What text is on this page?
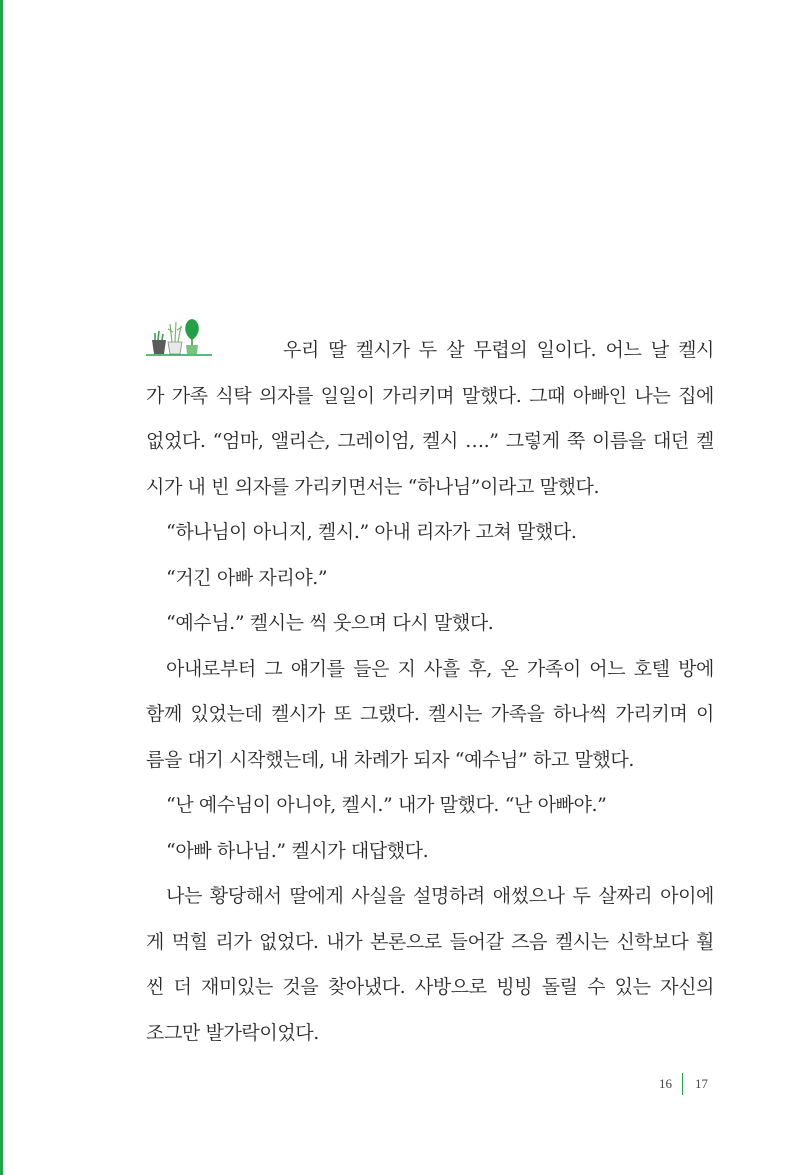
우리 딸 켈시가 두 살 무렵의 일이다. 어느 날 켈시
가 가족 식탁 의자를 일일이 가리키며 말했다. 그때 아빠인 나는 집에
없었다. “엄마, 앨리슨, 그레이엄, 켈시 ….” 그렇게 쭉 이름을 대던 켈
시가 내 빈 의자를 가리키면서는 “하나님”이라고 말했다.
“하나님이 아니지, 켈시.” 아내 리자가 고쳐 말했다.
“거긴 아빠 자리야.”
“예수님.” 켈시는 씩 웃으며 다시 말했다.
아내로부터 그 얘기를 들은 지 사흘 후, 온 가족이 어느 호텔 방에
함께 있었는데 켈시가 또 그랬다. 켈시는 가족을 하나씩 가리키며 이
름을 대기 시작했는데, 내 차례가 되자 “예수님” 하고 말했다.
“난 예수님이 아니야, 켈시.” 내가 말했다. “난 아빠야.”
“아빠 하나님.” 켈시가 대답했다.
나는 황당해서 딸에게 사실을 설명하려 애썼으나 두 살짜리 아이에
게 먹힐 리가 없었다. 내가 본론으로 들어갈 즈음 켈시는 신학보다 훨
씬 더 재미있는 것을 찾아냈다. 사방으로 빙빙 돌릴 수 있는 자신의
조그만 발가락이었다.
16	17
